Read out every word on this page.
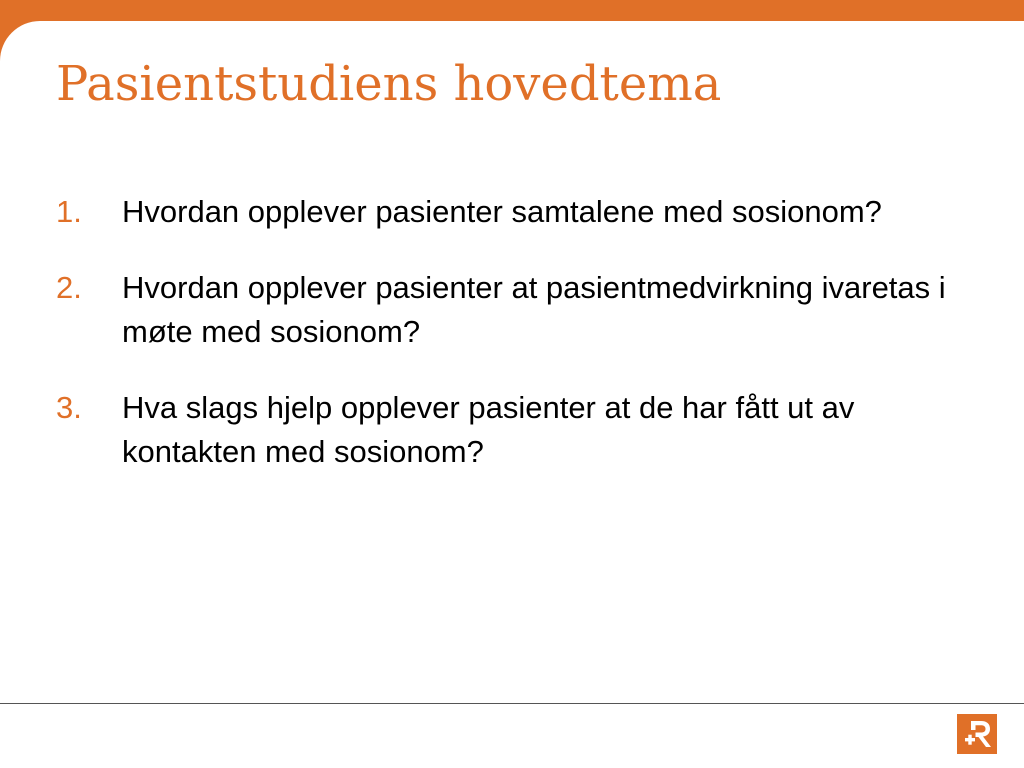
Pasientstudiens hovedtema
1.	Hvordan opplever pasienter samtalene med sosionom?
2.	Hvordan opplever pasienter at pasientmedvirkning ivaretas i møte med sosionom?
3.	Hva slags hjelp opplever pasienter at de har fått ut av kontakten med sosionom?
